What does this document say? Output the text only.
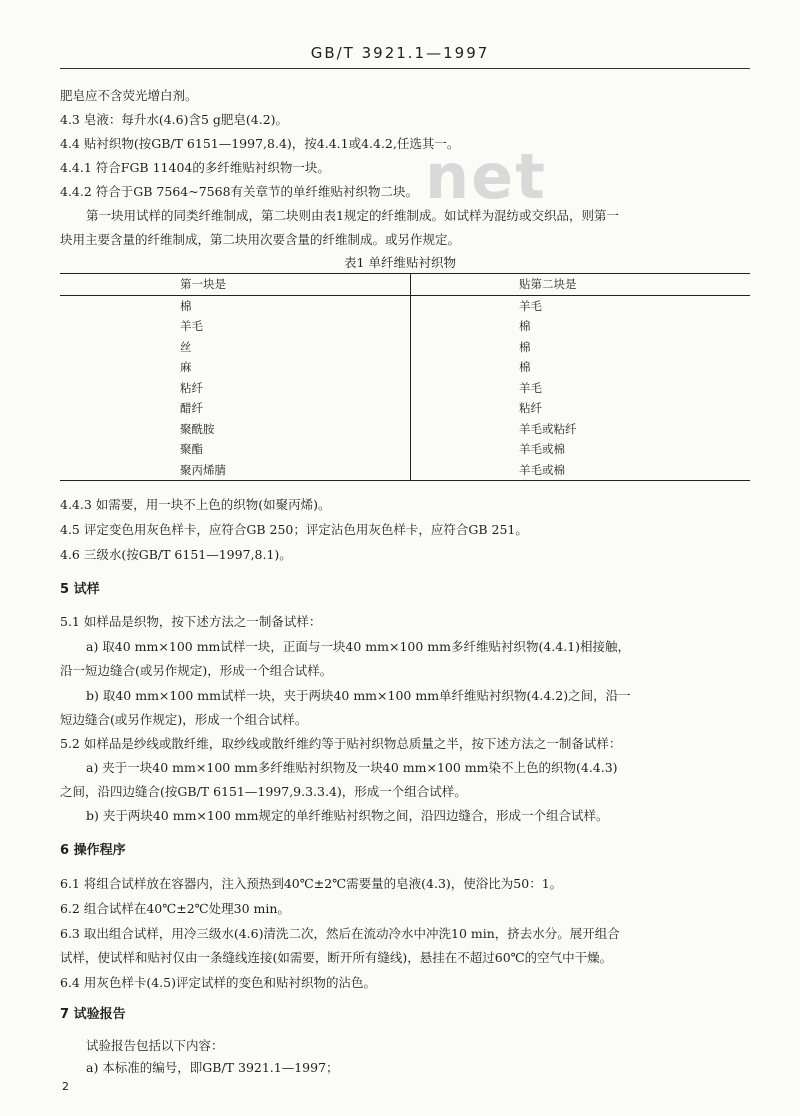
GB/T 3921.1—1997
net
肥皂应不含荧光增白剂。
4.3 皂液：每升水(4.6)含5 g肥皂(4.2)。
4.4 贴衬织物(按GB/T 6151—1997,8.4)，按4.4.1或4.4.2,任选其一。
4.4.1 符合FGB 11404的多纤维贴衬织物一块。
4.4.2 符合于GB 7564~7568有关章节的单纤维贴衬织物二块。
第一块用试样的同类纤维制成，第二块则由表1规定的纤维制成。如试样为混纺或交织品，则第一
块用主要含量的纤维制成，第二块用次要含量的纤维制成。或另作规定。
表1 单纤维贴衬织物
第一块是	贴第二块是
棉	羊毛
羊毛	棉
丝	棉
麻	棉
粘纤	羊毛
醋纤	粘纤
聚酰胺	羊毛或粘纤
聚酯	羊毛或棉
聚丙烯腈	羊毛或棉
4.4.3 如需要，用一块不上色的织物(如聚丙烯)。
4.5 评定变色用灰色样卡，应符合GB 250；评定沾色用灰色样卡，应符合GB 251。
4.6 三级水(按GB/T 6151—1997,8.1)。
5 试样
5.1 如样品是织物，按下述方法之一制备试样：
a) 取40 mm×100 mm试样一块，正面与一块40 mm×100 mm多纤维贴衬织物(4.4.1)相接触，
沿一短边缝合(或另作规定)，形成一个组合试样。
b) 取40 mm×100 mm试样一块，夹于两块40 mm×100 mm单纤维贴衬织物(4.4.2)之间，沿一
短边缝合(或另作规定)，形成一个组合试样。
5.2 如样品是纱线或散纤维，取纱线或散纤维约等于贴衬织物总质量之半，按下述方法之一制备试样：
a) 夹于一块40 mm×100 mm多纤维贴衬织物及一块40 mm×100 mm染不上色的织物(4.4.3)
之间，沿四边缝合(按GB/T 6151—1997,9.3.3.4)，形成一个组合试样。
b) 夹于两块40 mm×100 mm规定的单纤维贴衬织物之间，沿四边缝合，形成一个组合试样。
6 操作程序
6.1 将组合试样放在容器内，注入预热到40℃±2℃需要量的皂液(4.3)，使浴比为50：1。
6.2 组合试样在40℃±2℃处理30 min。
6.3 取出组合试样，用冷三级水(4.6)清洗二次，然后在流动冷水中冲洗10 min，挤去水分。展开组合
试样，使试样和贴衬仅由一条缝线连接(如需要，断开所有缝线)，悬挂在不超过60℃的空气中干燥。
6.4 用灰色样卡(4.5)评定试样的变色和贴衬织物的沾色。
7 试验报告
试验报告包括以下内容：
a) 本标准的编号，即GB/T 3921.1—1997；
2
